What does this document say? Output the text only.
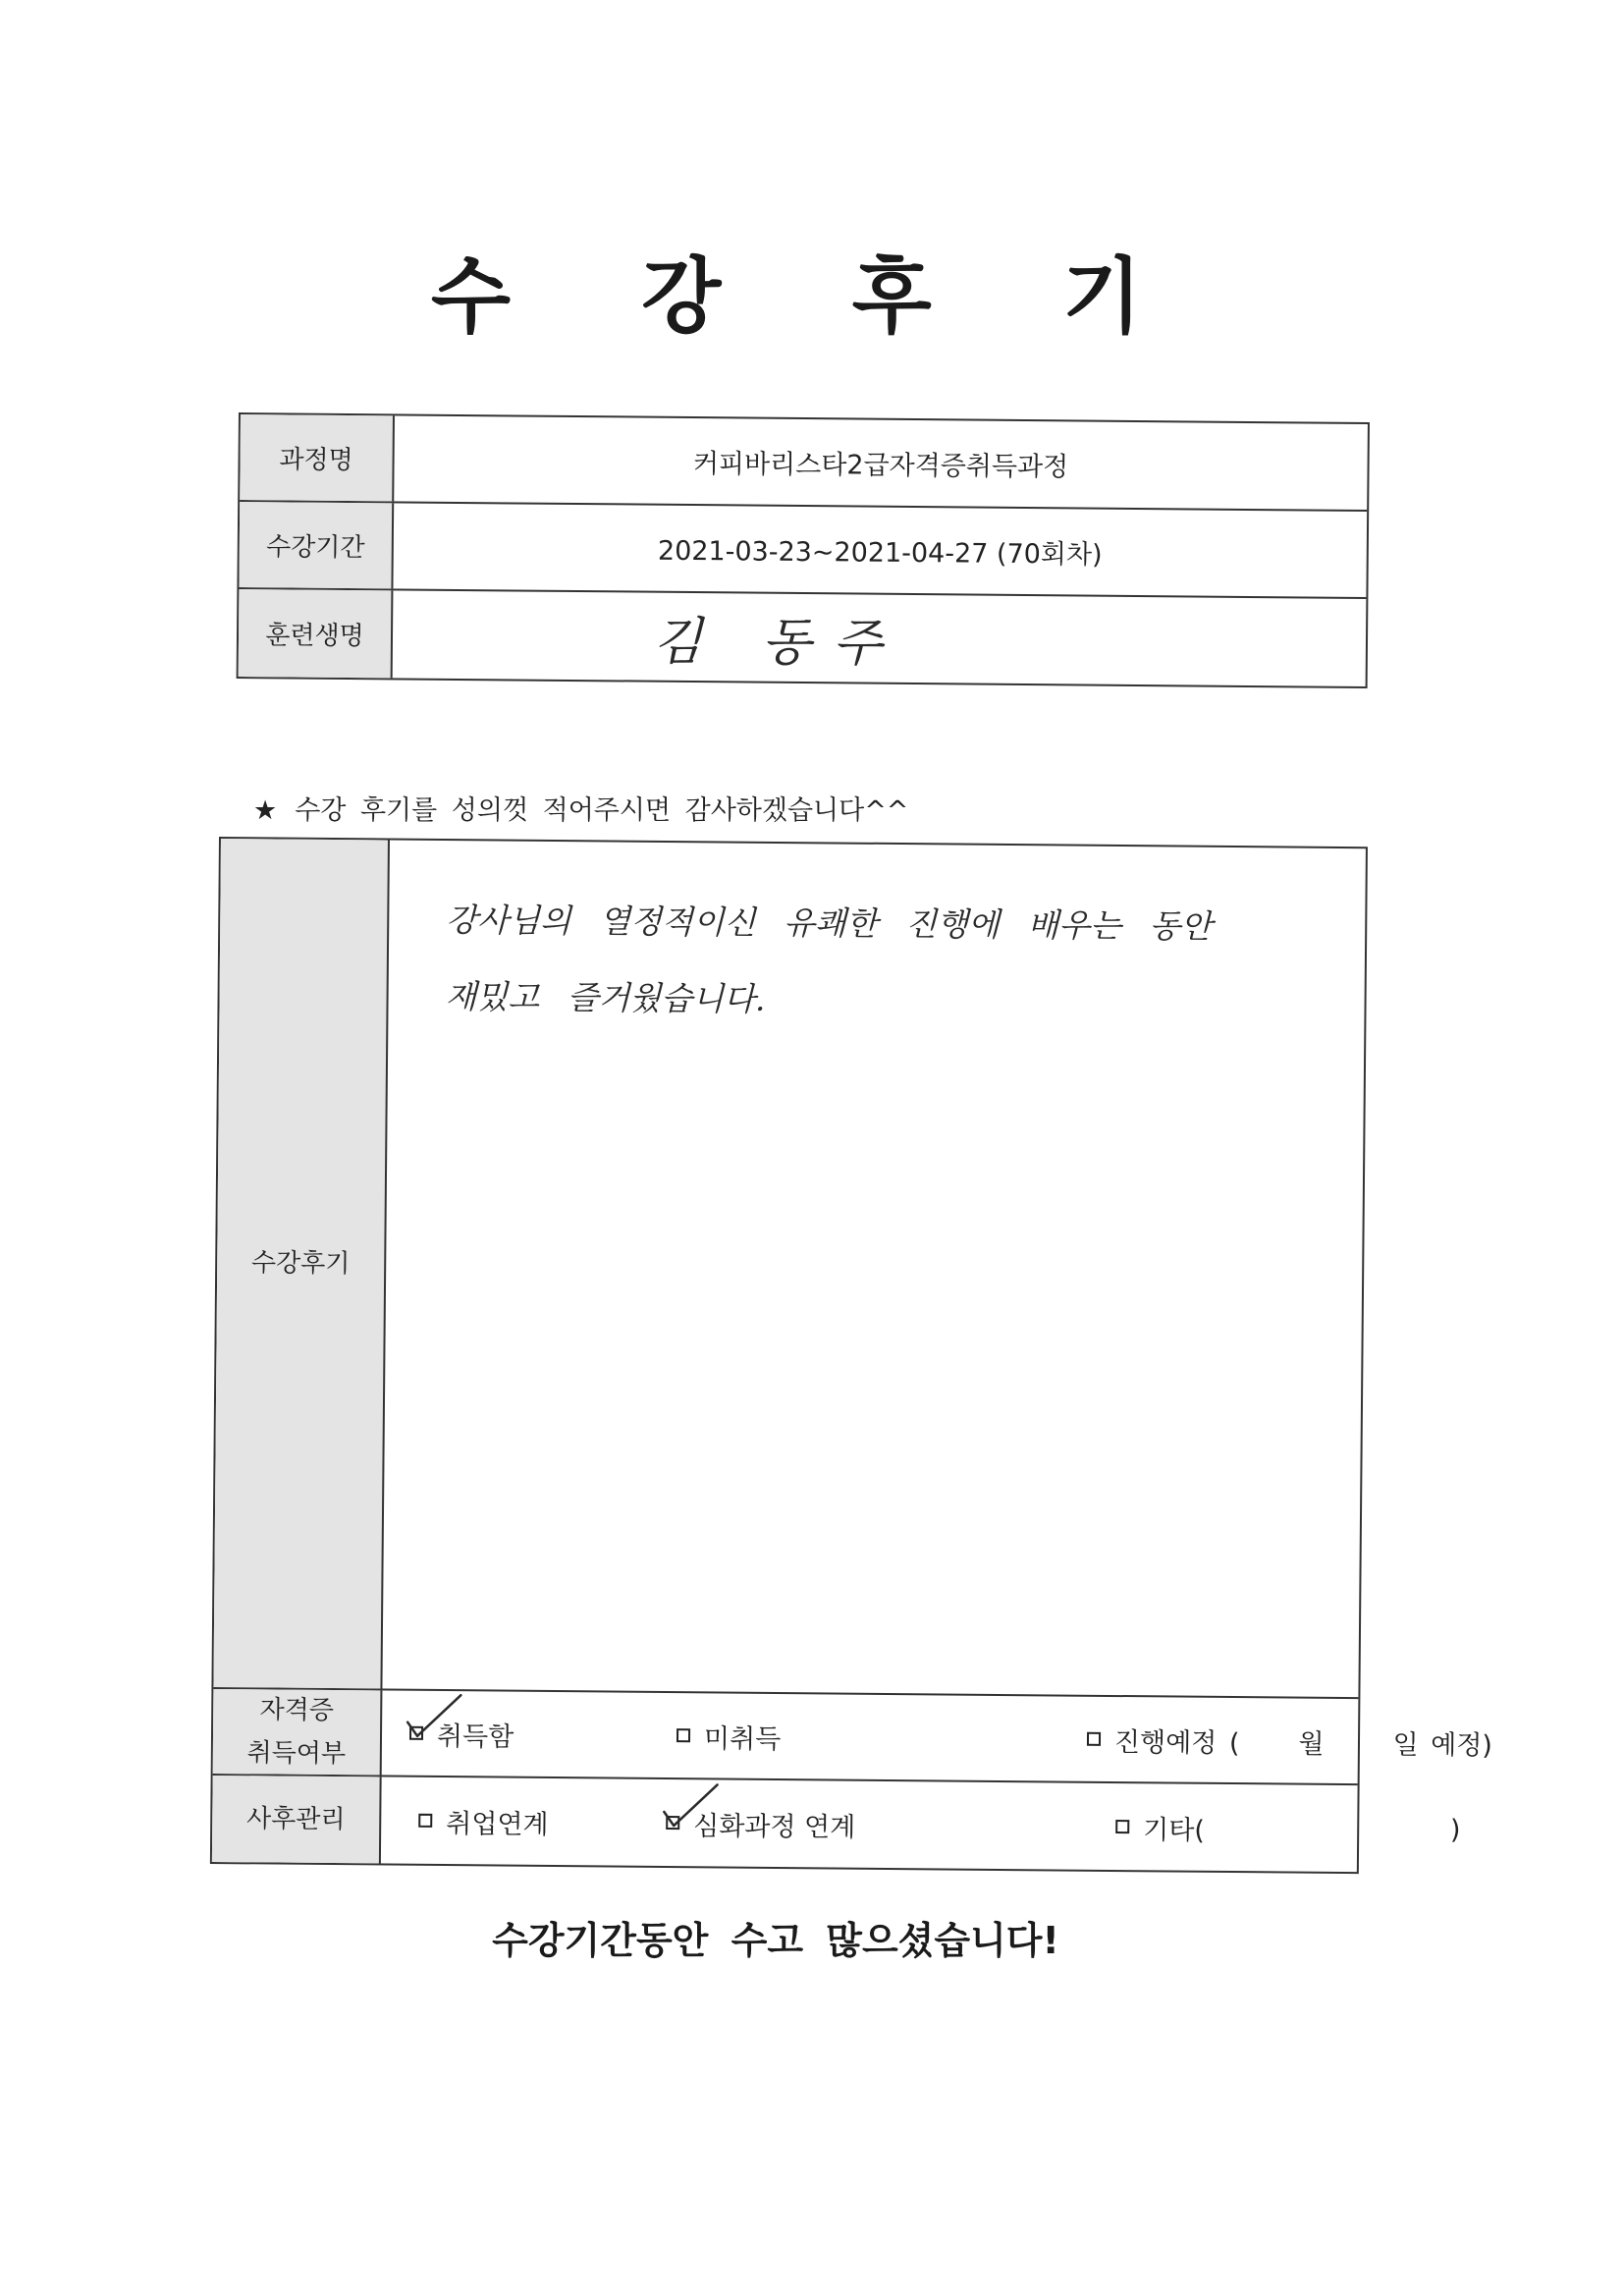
수 강 후 기
과정명	커피바리스타2급자격증취득과정
수강기간	2021-03-23~2021-04-27 (70회차)
훈련생명	김 동주
★ 수강 후기를 성의껏 적어주시면 감사하겠습니다^^
수강후기
강사님의 열정적이신 유쾌한 진행에 배우는 동안
재밌고 즐거웠습니다.
자격증
취득여부
취득함	미취득	진행예정 ( 월	일 예정)
사후관리	취업연계	심화과정 연계	기타(	)
수강기간동안 수고 많으셨습니다!
